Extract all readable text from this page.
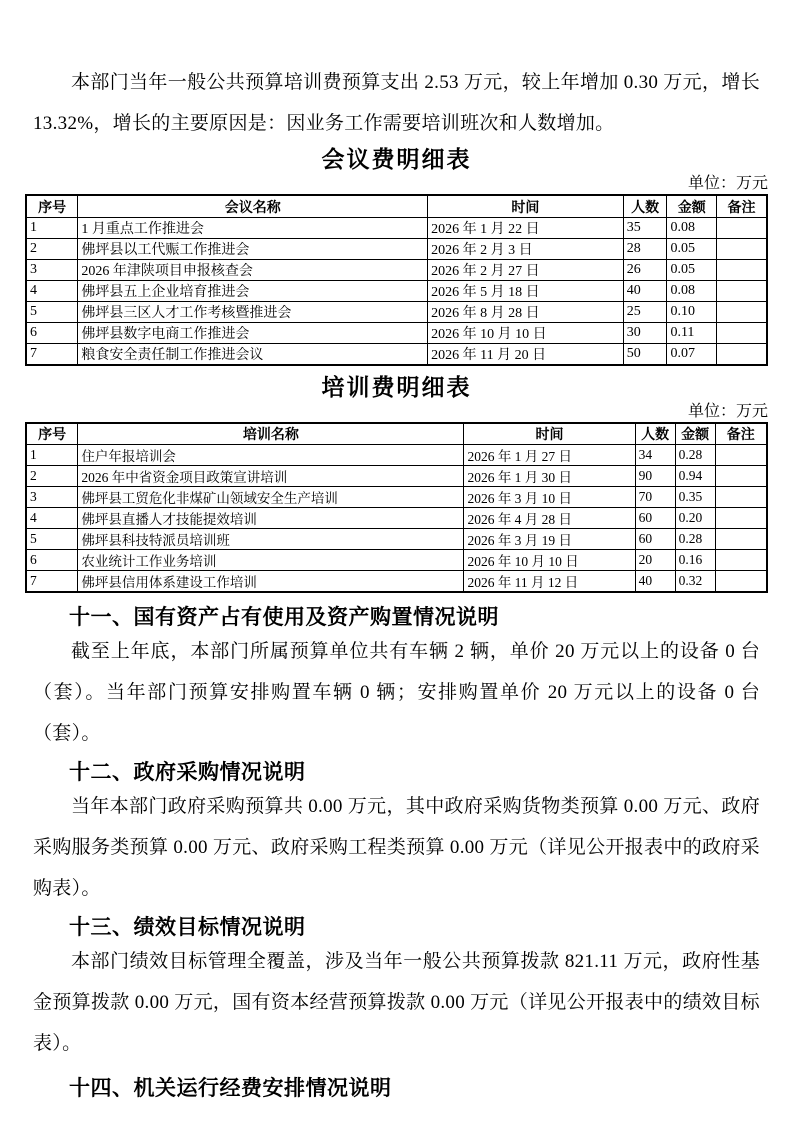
本部门当年一般公共预算培训费预算支出 2.53 万元，较上年增加 0.30 万元，增长 13.32%，增长的主要原因是：因业务工作需要培训班次和人数增加。

会议费明细表
单位：万元
序号	会议名称	时间	人数	金额	备注
1	1 月重点工作推进会	2026 年 1 月 22 日	35	0.08	
2	佛坪县以工代赈工作推进会	2026 年 2 月 3 日	28	0.05	
3	2026 年津陕项目申报核查会	2026 年 2 月 27 日	26	0.05	
4	佛坪县五上企业培育推进会	2026 年 5 月 18 日	40	0.08	
5	佛坪县三区人才工作考核暨推进会	2026 年 8 月 28 日	25	0.10	
6	佛坪县数字电商工作推进会	2026 年 10 月 10 日	30	0.11	
7	粮食安全责任制工作推进会议	2026 年 11 月 20 日	50	0.07	
培训费明细表
单位：万元
序号	培训名称	时间	人数	金额	备注
1	住户年报培训会	2026 年 1 月 27 日	34	0.28	
2	2026 年中省资金项目政策宣讲培训	2026 年 1 月 30 日	90	0.94	
3	佛坪县工贸危化非煤矿山领域安全生产培训	2026 年 3 月 10 日	70	0.35	
4	佛坪县直播人才技能提效培训	2026 年 4 月 28 日	60	0.20	
5	佛坪县科技特派员培训班	2026 年 3 月 19 日	60	0.28	
6	农业统计工作业务培训	2026 年 10 月 10 日	20	0.16	
7	佛坪县信用体系建设工作培训	2026 年 11 月 12 日	40	0.32	
十一、国有资产占有使用及资产购置情况说明

截至上年底，本部门所属预算单位共有车辆 2 辆，单价 20 万元以上的设备 0 台（套）。当年部门预算安排购置车辆 0 辆；安排购置单价 20 万元以上的设备 0 台（套）。

十二、政府采购情况说明

当年本部门政府采购预算共 0.00 万元，其中政府采购货物类预算 0.00 万元、政府采购服务类预算 0.00 万元、政府采购工程类预算 0.00 万元（详见公开报表中的政府采购表）。

十三、绩效目标情况说明

本部门绩效目标管理全覆盖，涉及当年一般公共预算拨款 821.11 万元，政府性基金预算拨款 0.00 万元，国有资本经营预算拨款 0.00 万元（详见公开报表中的绩效目标表）。

十四、机关运行经费安排情况说明
